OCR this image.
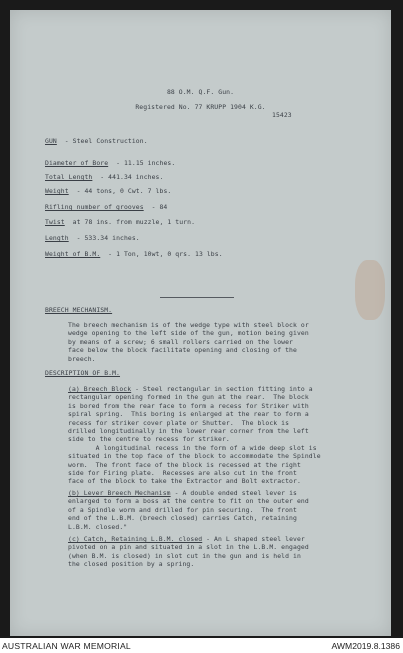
88 O.M. Q.F. Gun.
Registered No. 77 KRUPP 1904 K.G.
15423
GUN - Steel Construction.
Diameter of Bore - 11.15 inches.
Total Length - 441.34 inches.
Weight - 44 tons, 0 Cwt. 7 lbs.
Rifling number of grooves - 84
Twist at 78 ins. from muzzle, 1 turn.
Length - 533.34 inches.
Weight of B.M. - 1 Ton, 10wt, 0 qrs. 13 lbs.
BREECH MECHANISM.
The breech mechanism is of the wedge type with steel block or
wedge opening to the left side of the gun, motion being given
by means of a screw; 6 small rollers carried on the lower
face below the block facilitate opening and closing of the
breech.
DESCRIPTION OF B.M.
(a) Breech Block - Steel rectangular in section fitting into a
rectangular opening formed in the gun at the rear.  The block
is bored from the rear face to form a recess for Striker with
spiral spring.  This boring is enlarged at the rear to form a
recess for striker cover plate or Shutter.  The block is
drilled longitudinally in the lower rear corner from the left
side to the centre to recess for striker.
A longitudinal recess in the form of a wide deep slot is
situated in the top face of the block to accommodate the Spindle
worm.  The front face of the block is recessed at the right
side for Firing plate.  Recesses are also cut in the front
face of the block to take the Extractor and Bolt extractor.
(b) Lever Breech Mechanism - A double ended steel lever is
enlarged to form a boss at the centre to fit on the outer end
of a Spindle worm and drilled for pin securing.  The front
end of the L.B.M. (breech closed) carries Catch, retaining
L.B.M. closed."
(c) Catch, Retaining L.B.M. closed - An L shaped steel lever
pivoted on a pin and situated in a slot in the L.B.M. engaged
(when B.M. is closed) in slot cut in the gun and is held in
the closed position by a spring.
AUSTRALIAN WAR MEMORIAL	AWM2019.8.1386
